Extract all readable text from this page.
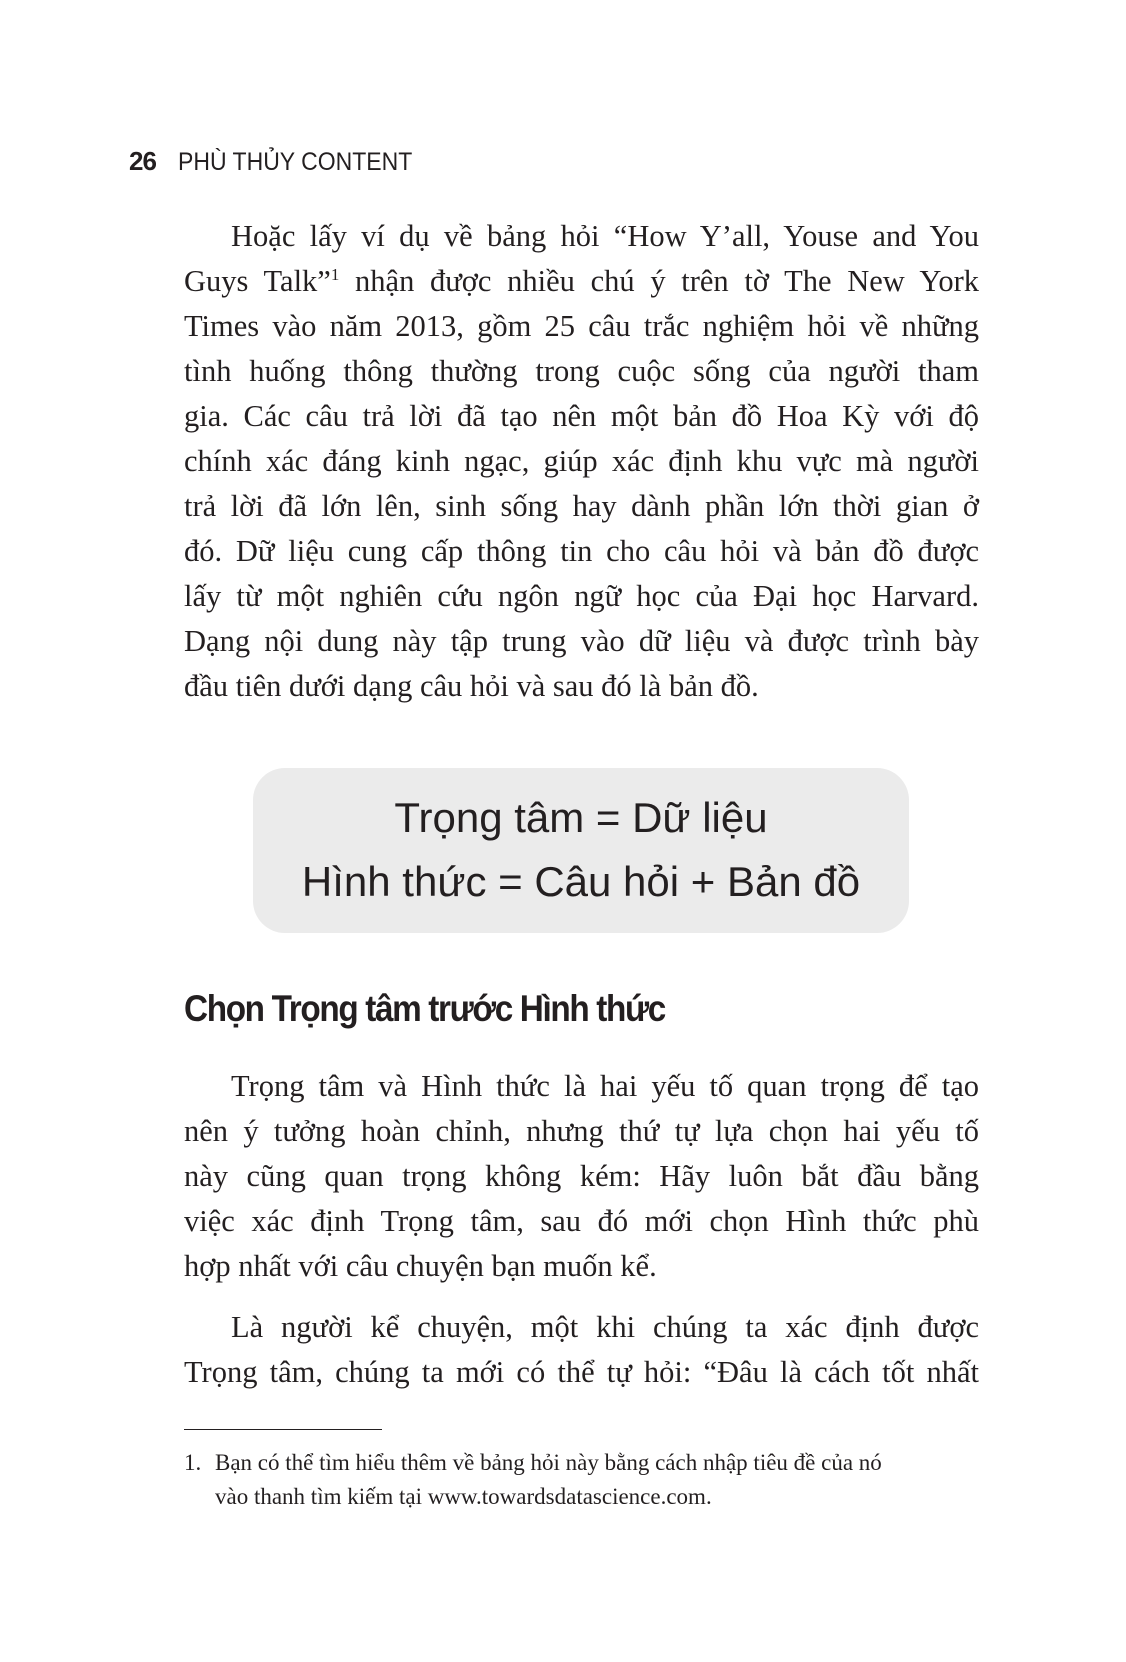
26 PHÙ THỦY CONTENT
Hoặc lấy ví dụ về bảng hỏi “How Y’all, Youse and You
Guys Talk”$^1$ nhận được nhiều chú ý trên tờ The New York
Times vào năm 2013, gồm 25 câu trắc nghiệm hỏi về những
tình huống thông thường trong cuộc sống của người tham
gia. Các câu trả lời đã tạo nên một bản đồ Hoa Kỳ với độ
chính xác đáng kinh ngạc, giúp xác định khu vực mà người
trả lời đã lớn lên, sinh sống hay dành phần lớn thời gian ở
đó. Dữ liệu cung cấp thông tin cho câu hỏi và bản đồ được
lấy từ một nghiên cứu ngôn ngữ học của Đại học Harvard.
Dạng nội dung này tập trung vào dữ liệu và được trình bày
đầu tiên dưới dạng câu hỏi và sau đó là bản đồ.
Trọng tâm = Dữ liệu
Hình thức = Câu hỏi + Bản đồ
Chọn Trọng tâm trước Hình thức
Trọng tâm và Hình thức là hai yếu tố quan trọng để tạo
nên ý tưởng hoàn chỉnh, nhưng thứ tự lựa chọn hai yếu tố
này cũng quan trọng không kém: Hãy luôn bắt đầu bằng
việc xác định Trọng tâm, sau đó mới chọn Hình thức phù
hợp nhất với câu chuyện bạn muốn kể.
Là người kể chuyện, một khi chúng ta xác định được
Trọng tâm, chúng ta mới có thể tự hỏi: “Đâu là cách tốt nhất
1. Bạn có thể tìm hiểu thêm về bảng hỏi này bằng cách nhập tiêu đề của nó
vào thanh tìm kiếm tại www.towardsdatascience.com.
